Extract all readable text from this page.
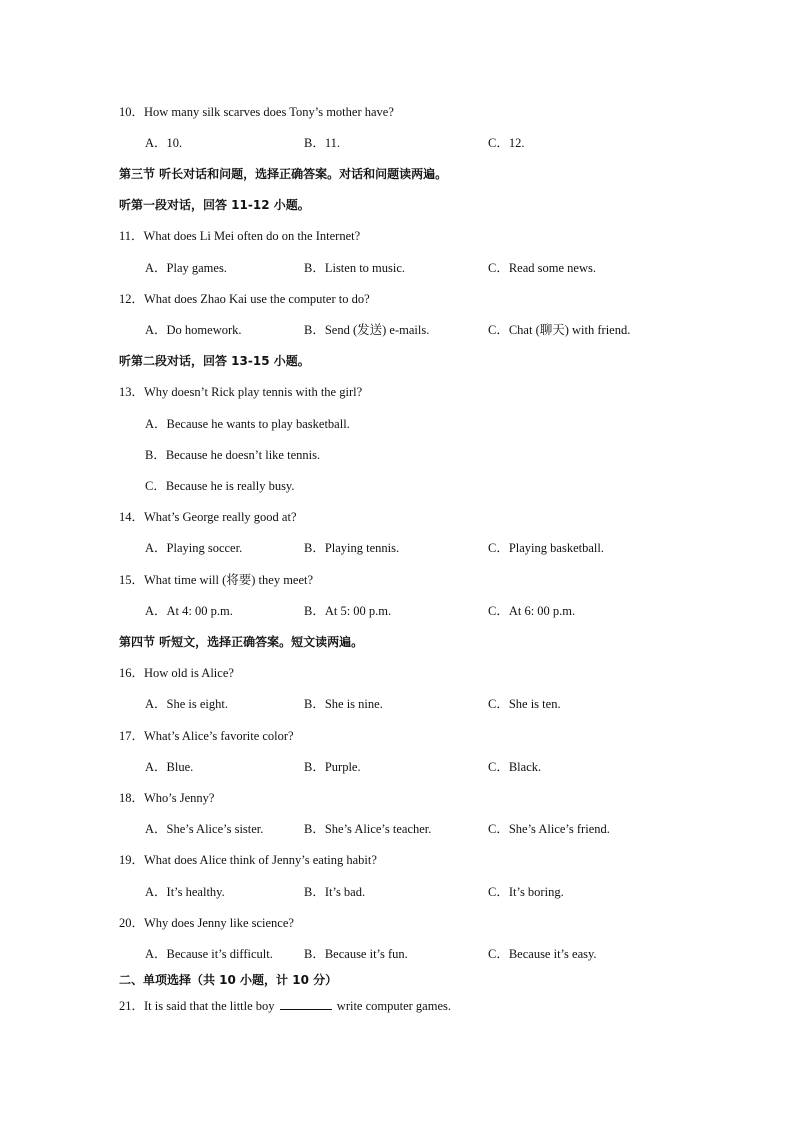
10．How many silk scarves does Tony’s mother have?
A．10.	B．11.	C．12.
第三节 听长对话和问题，选择正确答案。对话和问题读两遍。
听第一段对话，回答 11-12 小题。
11．What does Li Mei often do on the Internet?
A．Play games.	B．Listen to music.	C．Read some news.
12．What does Zhao Kai use the computer to do?
A．Do homework.	B．Send (发送) e-mails.	C．Chat (聊天) with friend.
听第二段对话，回答 13-15 小题。
13．Why doesn’t Rick play tennis with the girl?
A．Because he wants to play basketball.
B．Because he doesn’t like tennis.
C．Because he is really busy.
14．What’s George really good at?
A．Playing soccer.	B．Playing tennis.	C．Playing basketball.
15．What time will (将要) they meet?
A．At 4: 00 p.m.	B．At 5: 00 p.m.	C．At 6: 00 p.m.
第四节 听短文，选择正确答案。短文读两遍。
16．How old is Alice?
A．She is eight.	B．She is nine.	C．She is ten.
17．What’s Alice’s favorite color?
A．Blue.	B．Purple.	C．Black.
18．Who’s Jenny?
A．She’s Alice’s sister.	B．She’s Alice’s teacher.	C．She’s Alice’s friend.
19．What does Alice think of Jenny’s eating habit?
A．It’s healthy.	B．It’s bad.	C．It’s boring.
20．Why does Jenny like science?
A．Because it’s difficult. B．Because it’s fun.	C．Because it’s easy.
二、单项选择（共 10 小题，计 10 分）
21．It is said that the little boy	write computer games.
